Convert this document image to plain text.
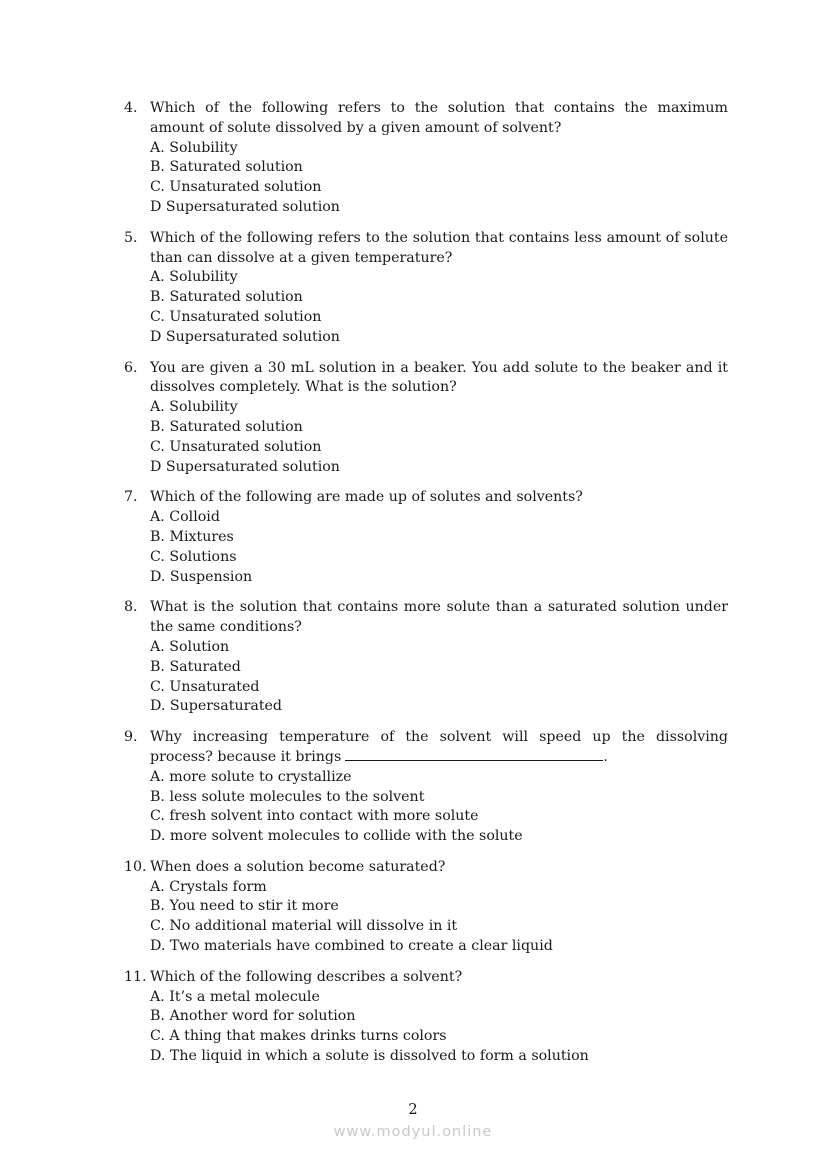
4. Which of the following refers to the solution that contains the maximum amount of solute dissolved by a given amount of solvent?

A. Solubility
B. Saturated solution
C. Unsaturated solution
D Supersaturated solution
5. Which of the following refers to the solution that contains less amount of solute than can dissolve at a given temperature?

A. Solubility
B. Saturated solution
C. Unsaturated solution
D Supersaturated solution
6. You are given a 30 mL solution in a beaker. You add solute to the beaker and it dissolves completely. What is the solution?

A. Solubility
B. Saturated solution
C. Unsaturated solution
D Supersaturated solution
7. Which of the following are made up of solutes and solvents?

A. Colloid
B. Mixtures
C. Solutions
D. Suspension
8. What is the solution that contains more solute than a saturated solution under the same conditions?

A. Solution
B. Saturated
C. Unsaturated
D. Supersaturated
9. Why increasing temperature of the solvent will speed up the dissolving process? because it brings	.

A. more solute to crystallize
B. less solute molecules to the solvent
C. fresh solvent into contact with more solute
D. more solvent molecules to collide with the solute
10. When does a solution become saturated?

A. Crystals form
B. You need to stir it more
C. No additional material will dissolve in it
D. Two materials have combined to create a clear liquid
11. Which of the following describes a solvent?

A. It’s a metal molecule
B. Another word for solution
C. A thing that makes drinks turns colors
D. The liquid in which a solute is dissolved to form a solution
2
www.modyul.online
